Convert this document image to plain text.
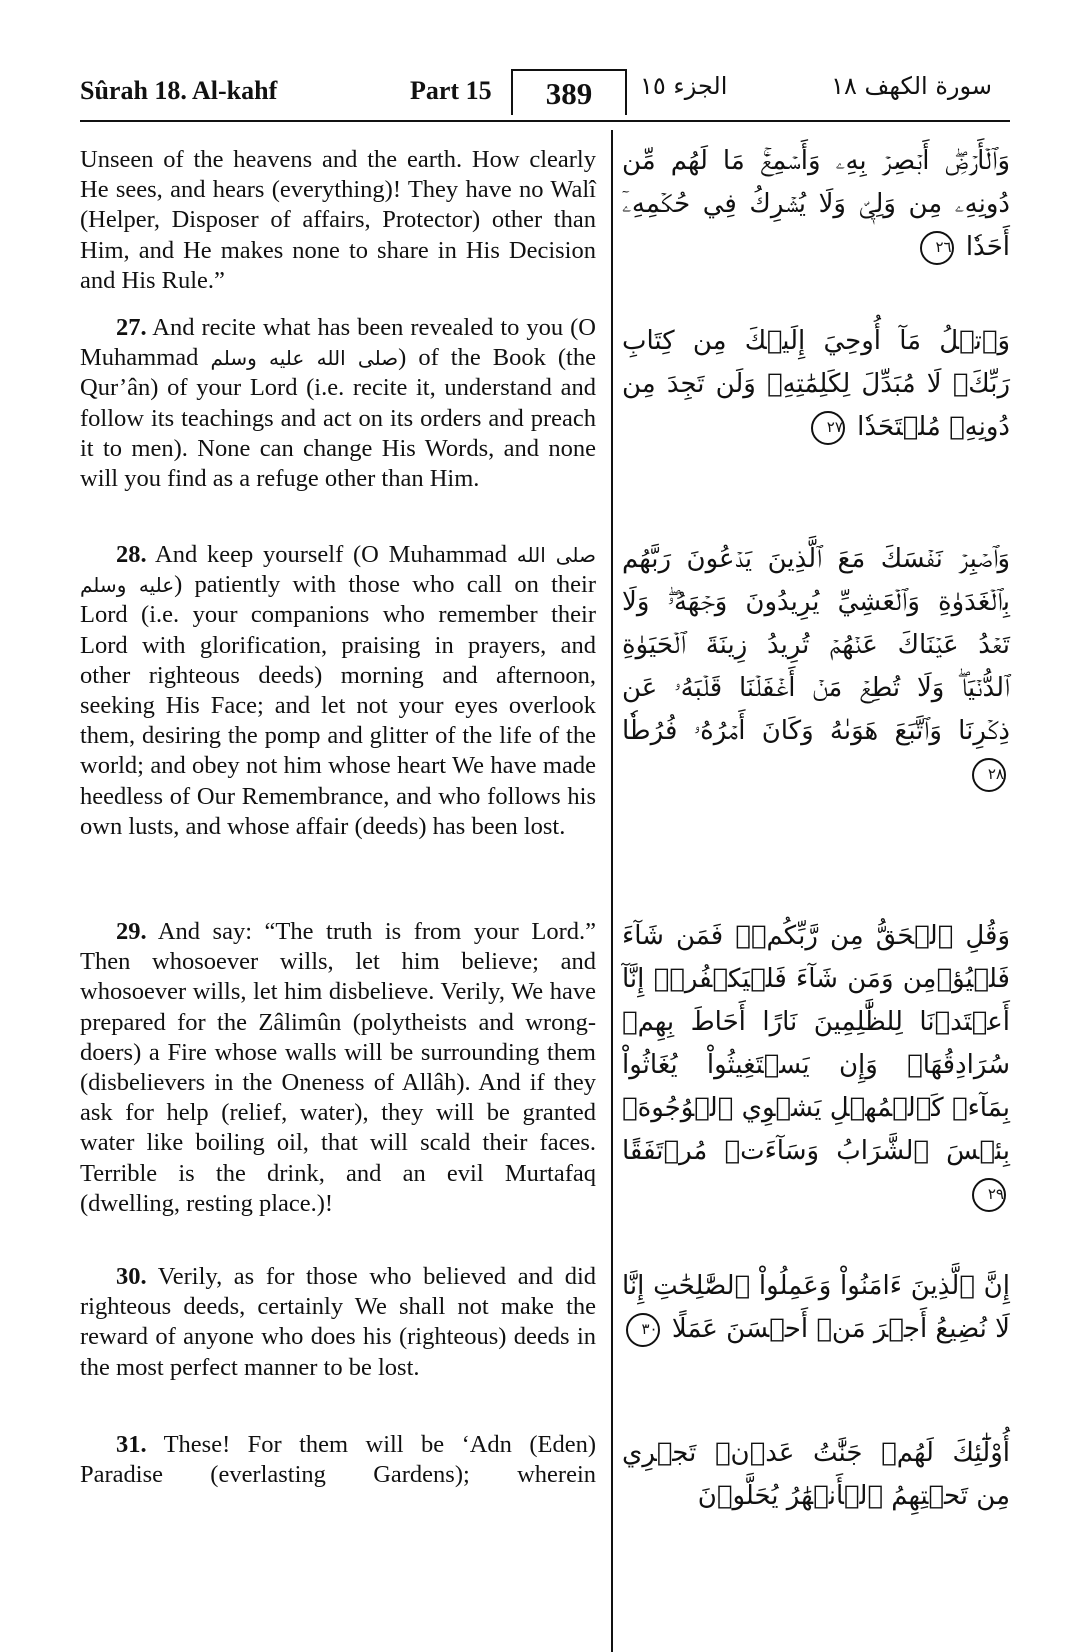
Sûrah 18. Al-kahf	Part 15	389	الجزء ١٥	سورة الكهف ١٨

Unseen of the heavens and the earth. How clearly He sees, and hears (everything)! They have no Walî (Helper, Disposer of affairs, Protector) other than Him, and He makes none to share in His Decision and His Rule.”

وَٱلۡأَرۡضِۖ أَبۡصِرۡ بِهِۦ وَأَسۡمِعۡۚ مَا لَهُم مِّن دُونِهِۦ مِن وَلِيّٖ وَلَا يُشۡرِكُ فِي حُكۡمِهِۦٓ أَحَدٗا ٢٦

27. And recite what has been revealed to you (O Muhammad صلى الله عليه وسلم) of the Book (the Qur’ân) of your Lord (i.e. recite it, understand and follow its teachings and act on its orders and preach it to men). None can change His Words, and none will you find as a refuge other than Him.

وَٱتۡلُ مَآ أُوحِيَ إِلَيۡكَ مِن كِتَابِ رَبِّكَۖ لَا مُبَدِّلَ لِكَلِمَٰتِهِۦ وَلَن تَجِدَ مِن دُونِهِۦ مُلۡتَحَدٗا ٢٧

28. And keep yourself (O Muhammad صلى الله عليه وسلم) patiently with those who call on their Lord (i.e. your companions who remember their Lord with glorification, praising in prayers, and other righteous deeds) morning and afternoon, seeking His Face; and let not your eyes overlook them, desiring the pomp and glitter of the life of the world; and obey not him whose heart We have made heedless of Our Remembrance, and who follows his own lusts, and whose affair (deeds) has been lost.

وَٱصۡبِرۡ نَفۡسَكَ مَعَ ٱلَّذِينَ يَدۡعُونَ رَبَّهُم بِٱلۡغَدَوٰةِ وَٱلۡعَشِيِّ يُرِيدُونَ وَجۡهَهُۥۖ وَلَا تَعۡدُ عَيۡنَاكَ عَنۡهُمۡ تُرِيدُ زِينَةَ ٱلۡحَيَوٰةِ ٱلدُّنۡيَاۖ وَلَا تُطِعۡ مَنۡ أَغۡفَلۡنَا قَلۡبَهُۥ عَن ذِكۡرِنَا وَٱتَّبَعَ هَوَىٰهُ وَكَانَ أَمۡرُهُۥ فُرُطٗا ٢٨

29. And say: “The truth is from your Lord.” Then whosoever wills, let him believe; and whosoever wills, let him disbelieve. Verily, We have prepared for the Zâlimûn (polytheists and wrong-doers) a Fire whose walls will be surrounding them (disbelievers in the Oneness of Allâh). And if they ask for help (relief, water), they will be granted water like boiling oil, that will scald their faces. Terrible is the drink, and an evil Murtafaq (dwelling, resting place.)!

وَقُلِ ٱلۡحَقُّ مِن رَّبِّكُمۡۖ فَمَن شَآءَ فَلۡيُؤۡمِن وَمَن شَآءَ فَلۡيَكۡفُرۡۚ إِنَّآ أَعۡتَدۡنَا لِلظَّٰلِمِينَ نَارًا أَحَاطَ بِهِمۡ سُرَادِقُهَاۚ وَإِن يَسۡتَغِيثُواْ يُغَاثُواْ بِمَآءٖ كَٱلۡمُهۡلِ يَشۡوِي ٱلۡوُجُوهَۚ بِئۡسَ ٱلشَّرَابُ وَسَآءَتۡ مُرۡتَفَقًا ٢٩

30. Verily, as for those who believed and did righteous deeds, certainly We shall not make the reward of anyone who does his (righteous) deeds in the most perfect manner to be lost.

إِنَّ ٱلَّذِينَ ءَامَنُواْ وَعَمِلُواْ ٱلصَّٰلِحَٰتِ إِنَّا لَا نُضِيعُ أَجۡرَ مَنۡ أَحۡسَنَ عَمَلًا ٣٠

31. These! For them will be ‘Adn (Eden) Paradise (everlasting Gardens); wherein

أُوْلَٰٓئِكَ لَهُمۡ جَنَّٰتُ عَدۡنٖ تَجۡرِي مِن تَحۡتِهِمُ ٱلۡأَنۡهَٰرُ يُحَلَّوۡنَ
